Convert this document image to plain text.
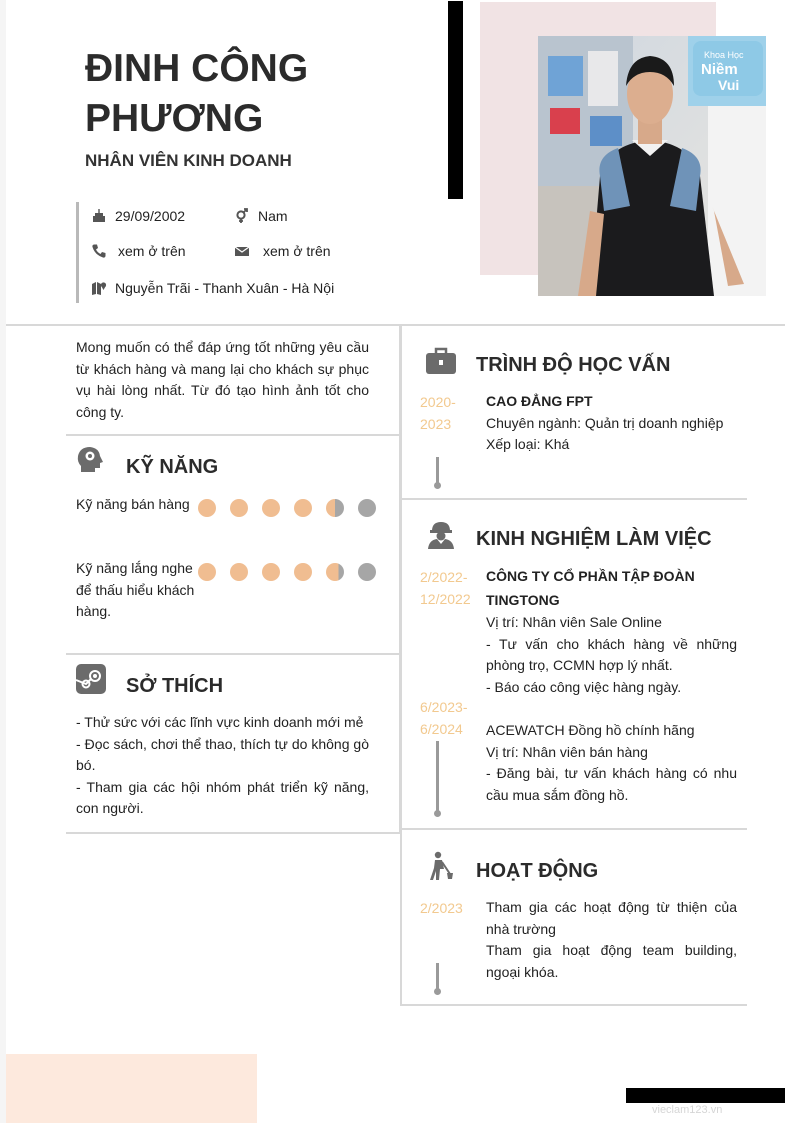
ĐINH CÔNG PHƯƠNG
NHÂN VIÊN KINH DOANH
Khoa Học
Niềm
Vui
29/09/2002	Nam
xem ở trên	xem ở trên
Nguyễn Trãi - Thanh Xuân - Hà Nội

Mong muốn có thể đáp ứng tốt những yêu cầu từ khách hàng và mang lại cho khách sự phục vụ hài lòng nhất. Từ đó tạo hình ảnh tốt cho công ty.

KỸ NĂNG
Kỹ năng bán hàng
Kỹ năng lắng nghe để thấu hiểu khách hàng.
SỞ THÍCH

- Thử sức với các lĩnh vực kinh doanh mới mẻ
- Đọc sách, chơi thể thao, thích tự do không gò bó.
- Tham gia các hội nhóm phát triển kỹ năng, con người.

TRÌNH ĐỘ HỌC VẤN
2020-2023
CAO ĐẲNG FPT
Chuyên ngành: Quản trị doanh nghiệp
Xếp loại: Khá
KINH NGHIỆM LÀM VIỆC
2/2022-12/2022
CÔNG TY CỔ PHẦN TẬP ĐOÀN TINGTONG
Vị trí: Nhân viên Sale Online
- Tư vấn cho khách hàng về những phòng trọ, CCMN hợp lý nhất.
- Báo cáo công việc hàng ngày.
6/2023-6/2024	ACEWATCH Đồng hồ chính hãng
Vị trí: Nhân viên bán hàng
- Đăng bài, tư vấn khách hàng có nhu cầu mua sắm đồng hồ.
HOẠT ĐỘNG
2/2023	Tham gia các hoạt động từ thiện của nhà trường
Tham gia hoạt động team building, ngoại khóa.
vieclam123.vn
